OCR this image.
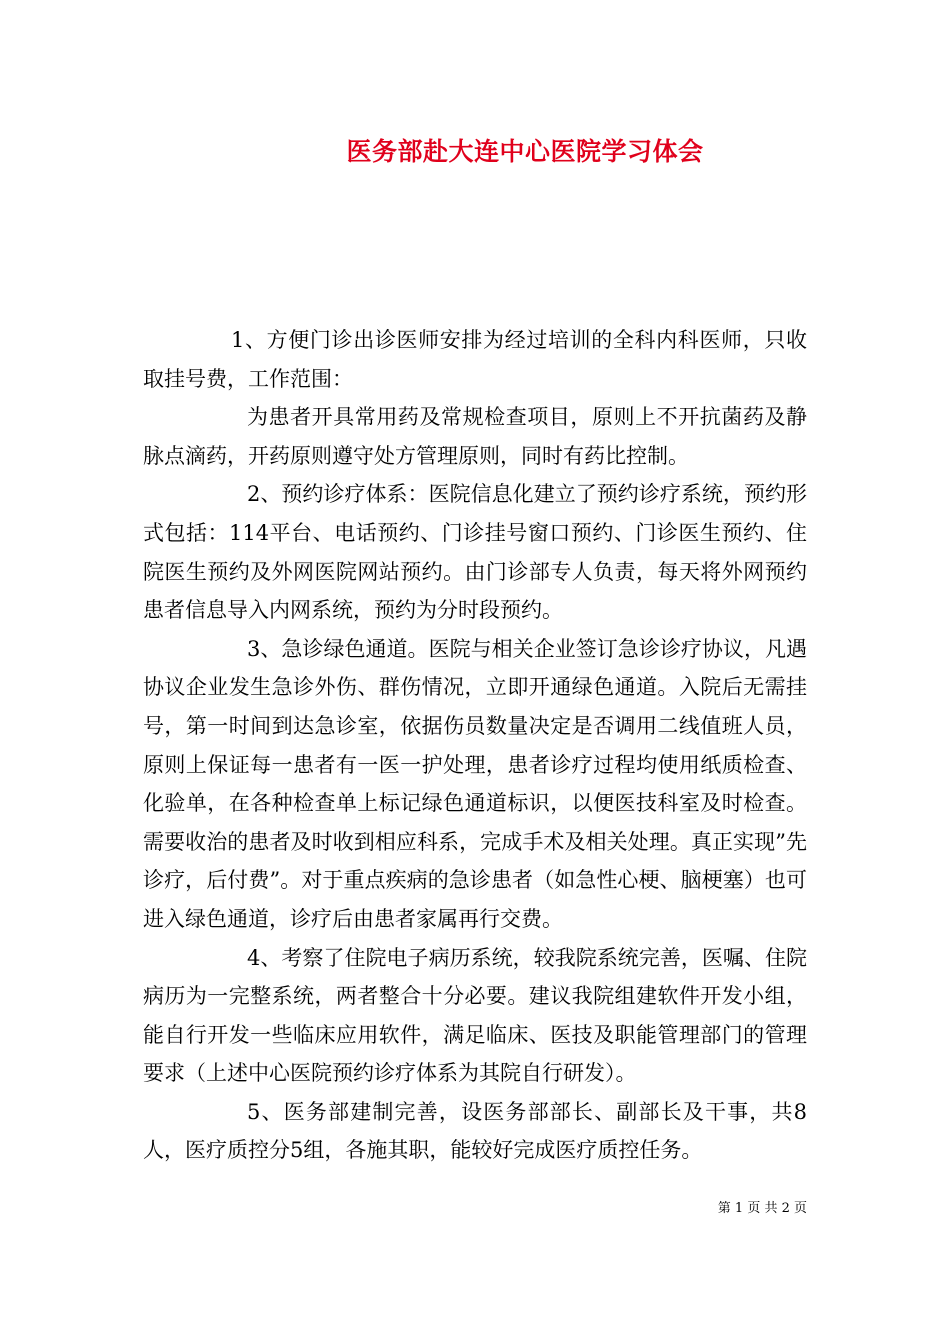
医务部赴大连中心医院学习体会

1、方便门诊出诊医师安排为经过培训的全科内科医师，只收取挂号费，工作范围：

为患者开具常用药及常规检查项目，原则上不开抗菌药及静脉点滴药，开药原则遵守处方管理原则，同时有药比控制。

2、预约诊疗体系：医院信息化建立了预约诊疗系统，预约形式包括：114平台、电话预约、门诊挂号窗口预约、门诊医生预约、住院医生预约及外网医院网站预约。由门诊部专人负责，每天将外网预约患者信息导入内网系统，预约为分时段预约。

3、急诊绿色通道。医院与相关企业签订急诊诊疗协议，凡遇协议企业发生急诊外伤、群伤情况，立即开通绿色通道。入院后无需挂号，第一时间到达急诊室，依据伤员数量决定是否调用二线值班人员，原则上保证每一患者有一医一护处理，患者诊疗过程均使用纸质检查、化验单，在各种检查单上标记绿色通道标识，以便医技科室及时检查。需要收治的患者及时收到相应科系，完成手术及相关处理。真正实现”先诊疗，后付费”。对于重点疾病的急诊患者（如急性心梗、脑梗塞）也可进入绿色通道，诊疗后由患者家属再行交费。

4、考察了住院电子病历系统，较我院系统完善，医嘱、住院病历为一完整系统，两者整合十分必要。建议我院组建软件开发小组，能自行开发一些临床应用软件，满足临床、医技及职能管理部门的管理要求（上述中心医院预约诊疗体系为其院自行研发）。

5、医务部建制完善，设医务部部长、副部长及干事，共8人，医疗质控分5组，各施其职，能较好完成医疗质控任务。

第 1 页 共 2 页
